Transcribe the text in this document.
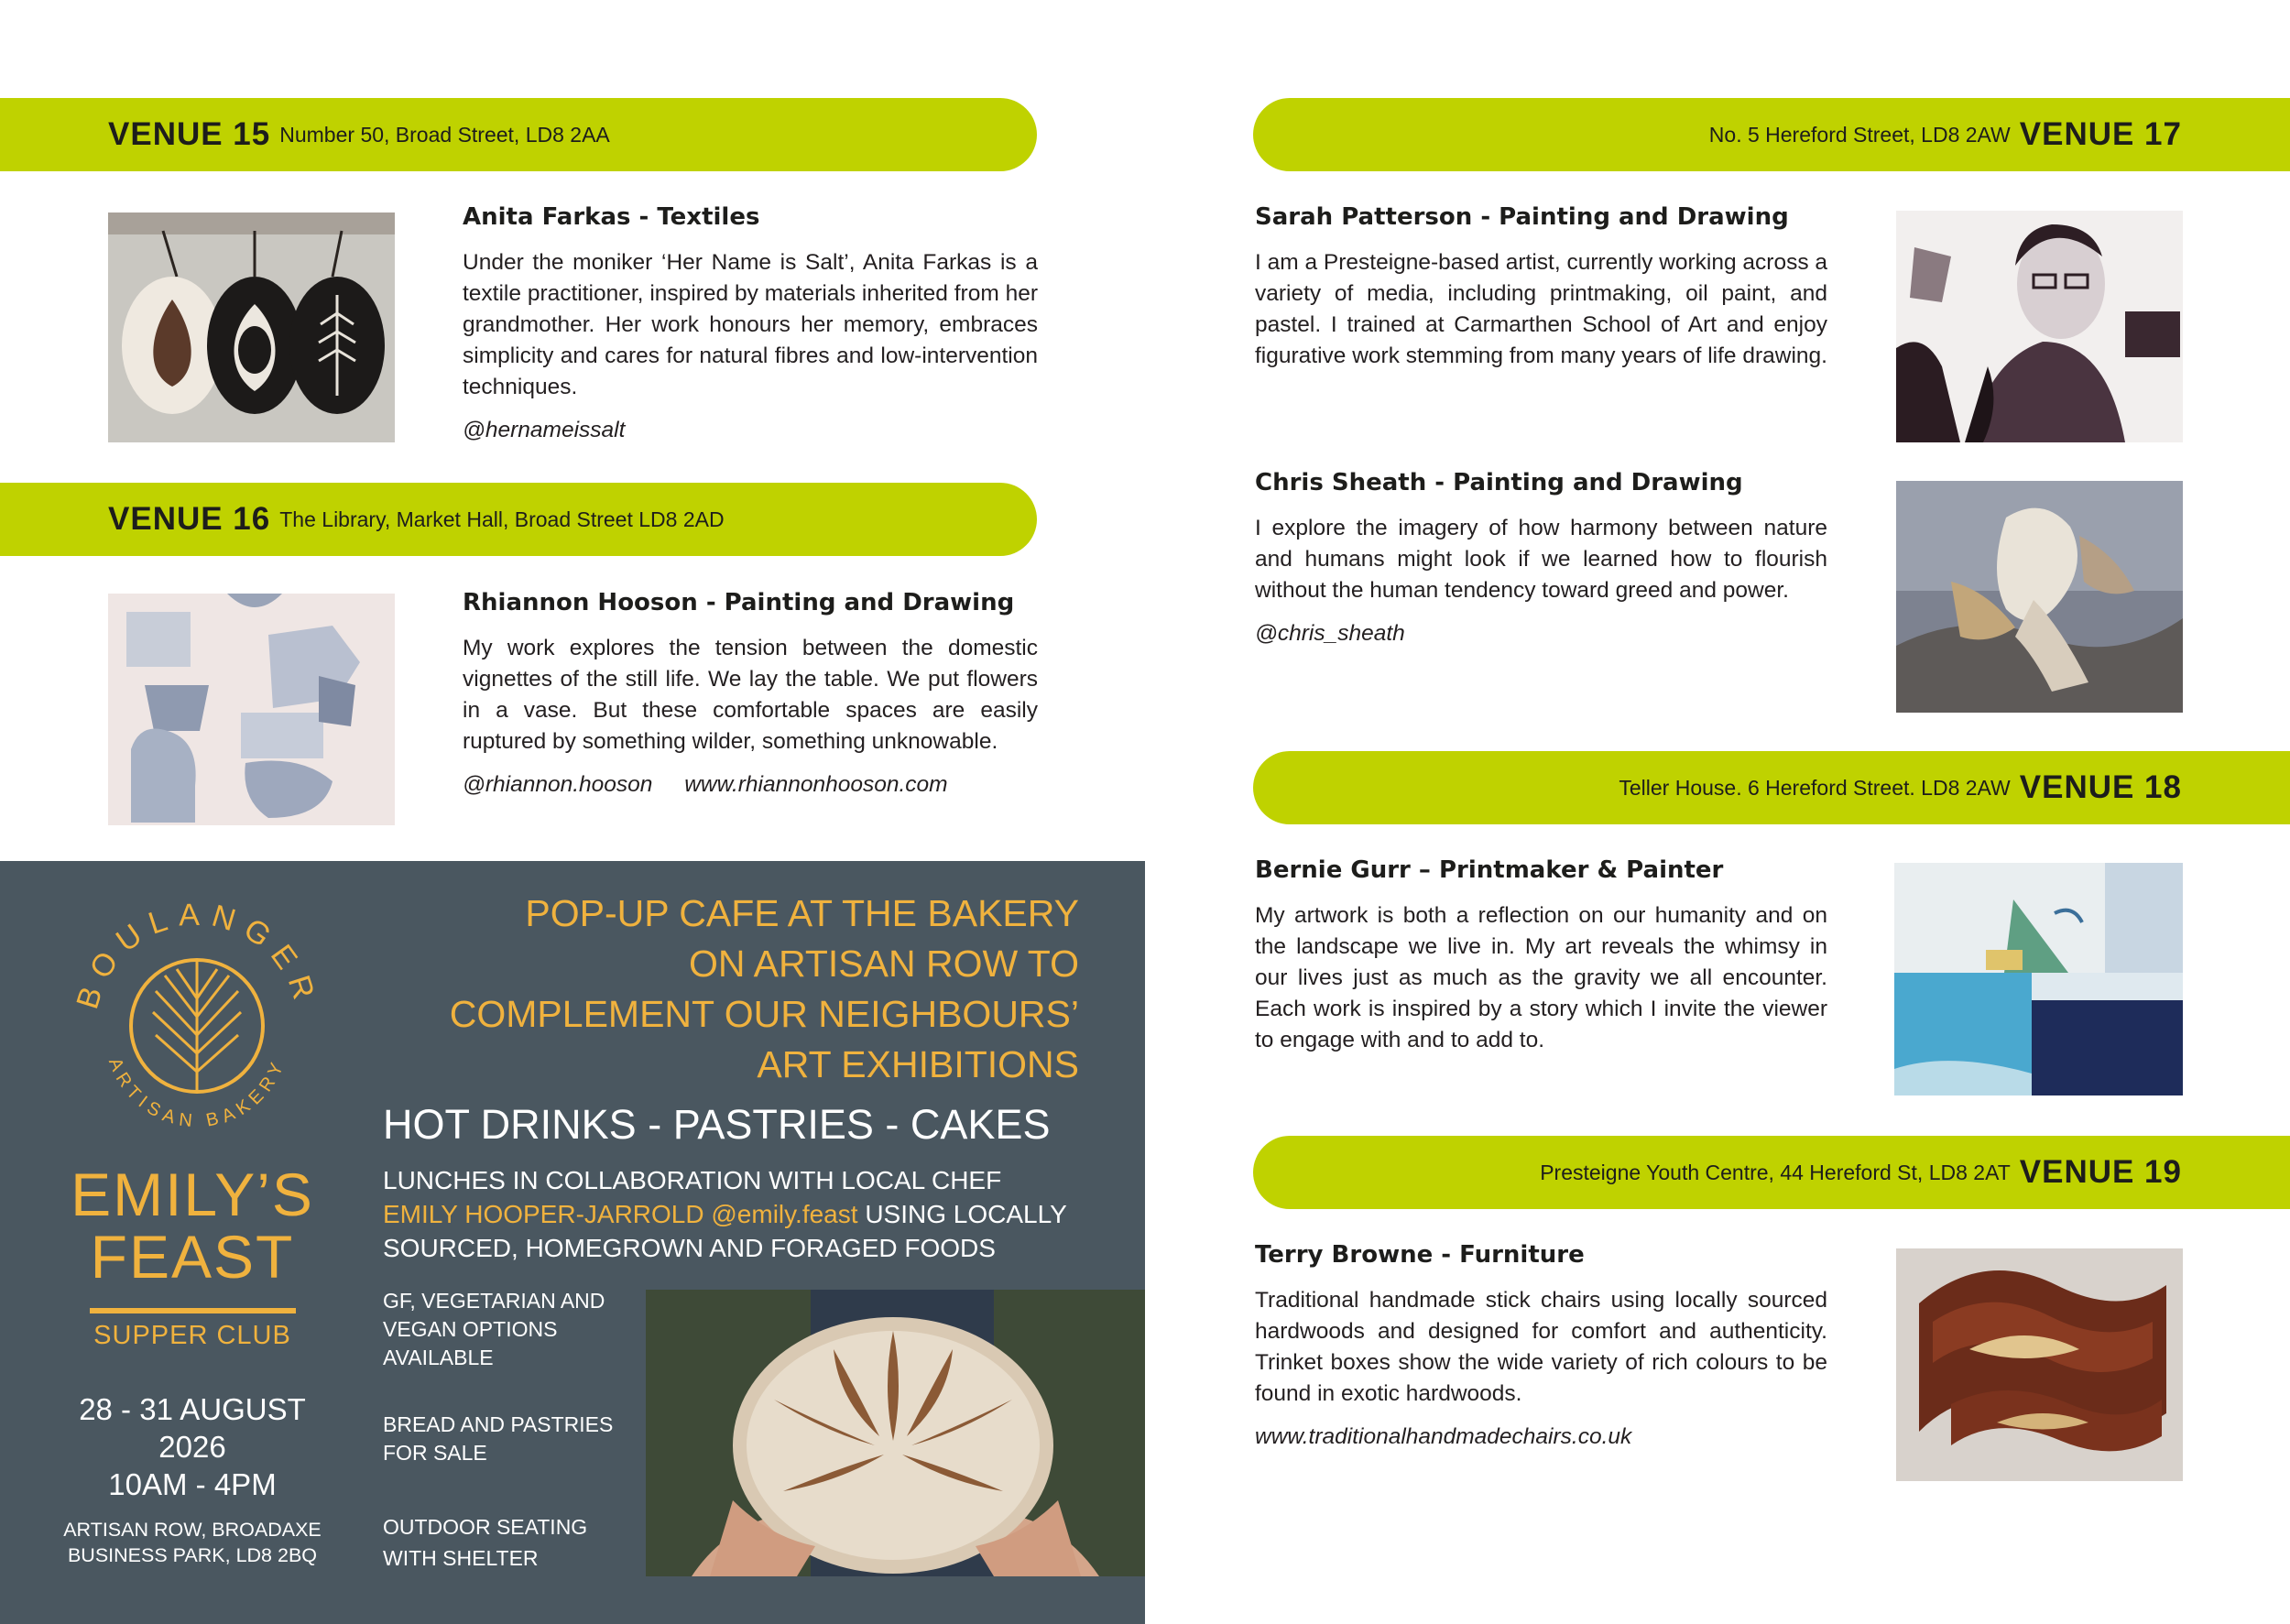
VENUE 15 Number 50, Broad Street, LD8 2AA
Anita Farkas - Textiles

Under the moniker ‘Her Name is Salt’, Anita Farkas is a textile practitioner, inspired by materials inherited from her grandmother. Her work honours her memory, embraces simplicity and cares for natural fibres and low-intervention techniques.

@hernameissalt
VENUE 16 The Library, Market Hall, Broad Street LD8 2AD
Rhiannon Hooson - Painting and Drawing

My work explores the tension between the domestic vignettes of the still life. We lay the table. We put flowers in a vase. But these comfortable spaces are easily ruptured by something wilder, something unknowable.

@rhiannon.hooson www.rhiannonhooson.com
BOULANGER
ARTISAN BAKERY
EMILY’S
FEAST
SUPPER CLUB
28 - 31 AUGUST
2026
10AM - 4PM
ARTISAN ROW, BROADAXE
BUSINESS PARK, LD8 2BQ
POP-UP CAFE AT THE BAKERY
ON ARTISAN ROW TO
COMPLEMENT OUR NEIGHBOURS’
ART EXHIBITIONS
HOT DRINKS - PASTRIES - CAKES
LUNCHES IN COLLABORATION WITH LOCAL CHEF
EMILY HOOPER-JARROLD @emily.feast USING LOCALLY
SOURCED, HOMEGROWN AND FORAGED FOODS
GF, VEGETARIAN AND
VEGAN OPTIONS
AVAILABLE
BREAD AND PASTRIES
FOR SALE
OUTDOOR SEATING
WITH SHELTER
No. 5 Hereford Street, LD8 2AW VENUE 17
Sarah Patterson - Painting and Drawing

I am a Presteigne-based artist, currently working across a variety of media, including printmaking, oil paint, and pastel. I trained at Carmarthen School of Art and enjoy figurative work stemming from many years of life drawing.

Chris Sheath - Painting and Drawing

I explore the imagery of how harmony between nature and humans might look if we learned how to flourish without the human tendency toward greed and power.

@chris_sheath
Teller House. 6 Hereford Street. LD8 2AW VENUE 18
Bernie Gurr – Printmaker & Painter

My artwork is both a reflection on our humanity and on the landscape we live in. My art reveals the whimsy in our lives just as much as the gravity we all encounter. Each work is inspired by a story which I invite the viewer to engage with and to add to.

Presteigne Youth Centre, 44 Hereford St, LD8 2AT VENUE 19
Terry Browne - Furniture

Traditional handmade stick chairs using locally sourced hardwoods and designed for comfort and authenticity. Trinket boxes show the wide variety of rich colours to be found in exotic hardwoods.

www.traditionalhandmadechairs.co.uk
